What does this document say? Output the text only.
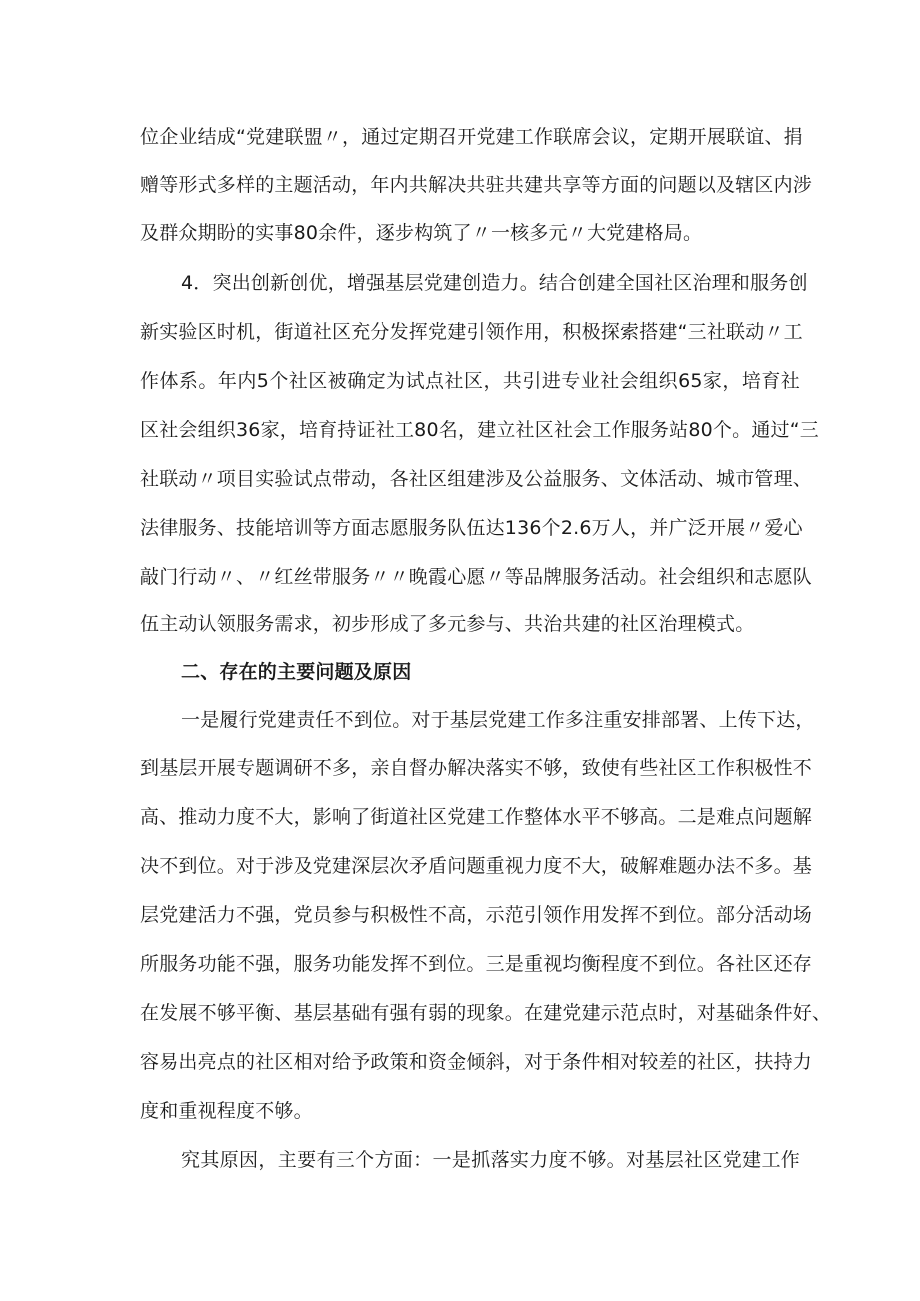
位企业结成“党建联盟〃，通过定期召开党建工作联席会议，定期开展联谊、捐
赠等形式多样的主题活动，年内共解决共驻共建共享等方面的问题以及辖区内涉
及群众期盼的实事80余件，逐步构筑了〃一核多元〃大党建格局。
4．突出创新创优，增强基层党建创造力。结合创建全国社区治理和服务创
新实验区时机，街道社区充分发挥党建引领作用，积极探索搭建“三社联动〃工
作体系。年内5个社区被确定为试点社区，共引进专业社会组织65家，培育社
区社会组织36家，培育持证社工80名，建立社区社会工作服务站80个。通过“三
社联动〃项目实验试点带动，各社区组建涉及公益服务、文体活动、城市管理、
法律服务、技能培训等方面志愿服务队伍达136个2.6万人，并广泛开展〃爱心
敲门行动〃、〃红丝带服务〃〃晚霞心愿〃等品牌服务活动。社会组织和志愿队
伍主动认领服务需求，初步形成了多元参与、共治共建的社区治理模式。
二、存在的主要问题及原因
一是履行党建责任不到位。对于基层党建工作多注重安排部署、上传下达，
到基层开展专题调研不多，亲自督办解决落实不够，致使有些社区工作积极性不
高、推动力度不大，影响了街道社区党建工作整体水平不够高。二是难点问题解
决不到位。对于涉及党建深层次矛盾问题重视力度不大，破解难题办法不多。基
层党建活力不强，党员参与积极性不高，示范引领作用发挥不到位。部分活动场
所服务功能不强，服务功能发挥不到位。三是重视均衡程度不到位。各社区还存
在发展不够平衡、基层基础有强有弱的现象。在建党建示范点时，对基础条件好、
容易出亮点的社区相对给予政策和资金倾斜，对于条件相对较差的社区，扶持力
度和重视程度不够。
究其原因，主要有三个方面：一是抓落实力度不够。对基层社区党建工作
